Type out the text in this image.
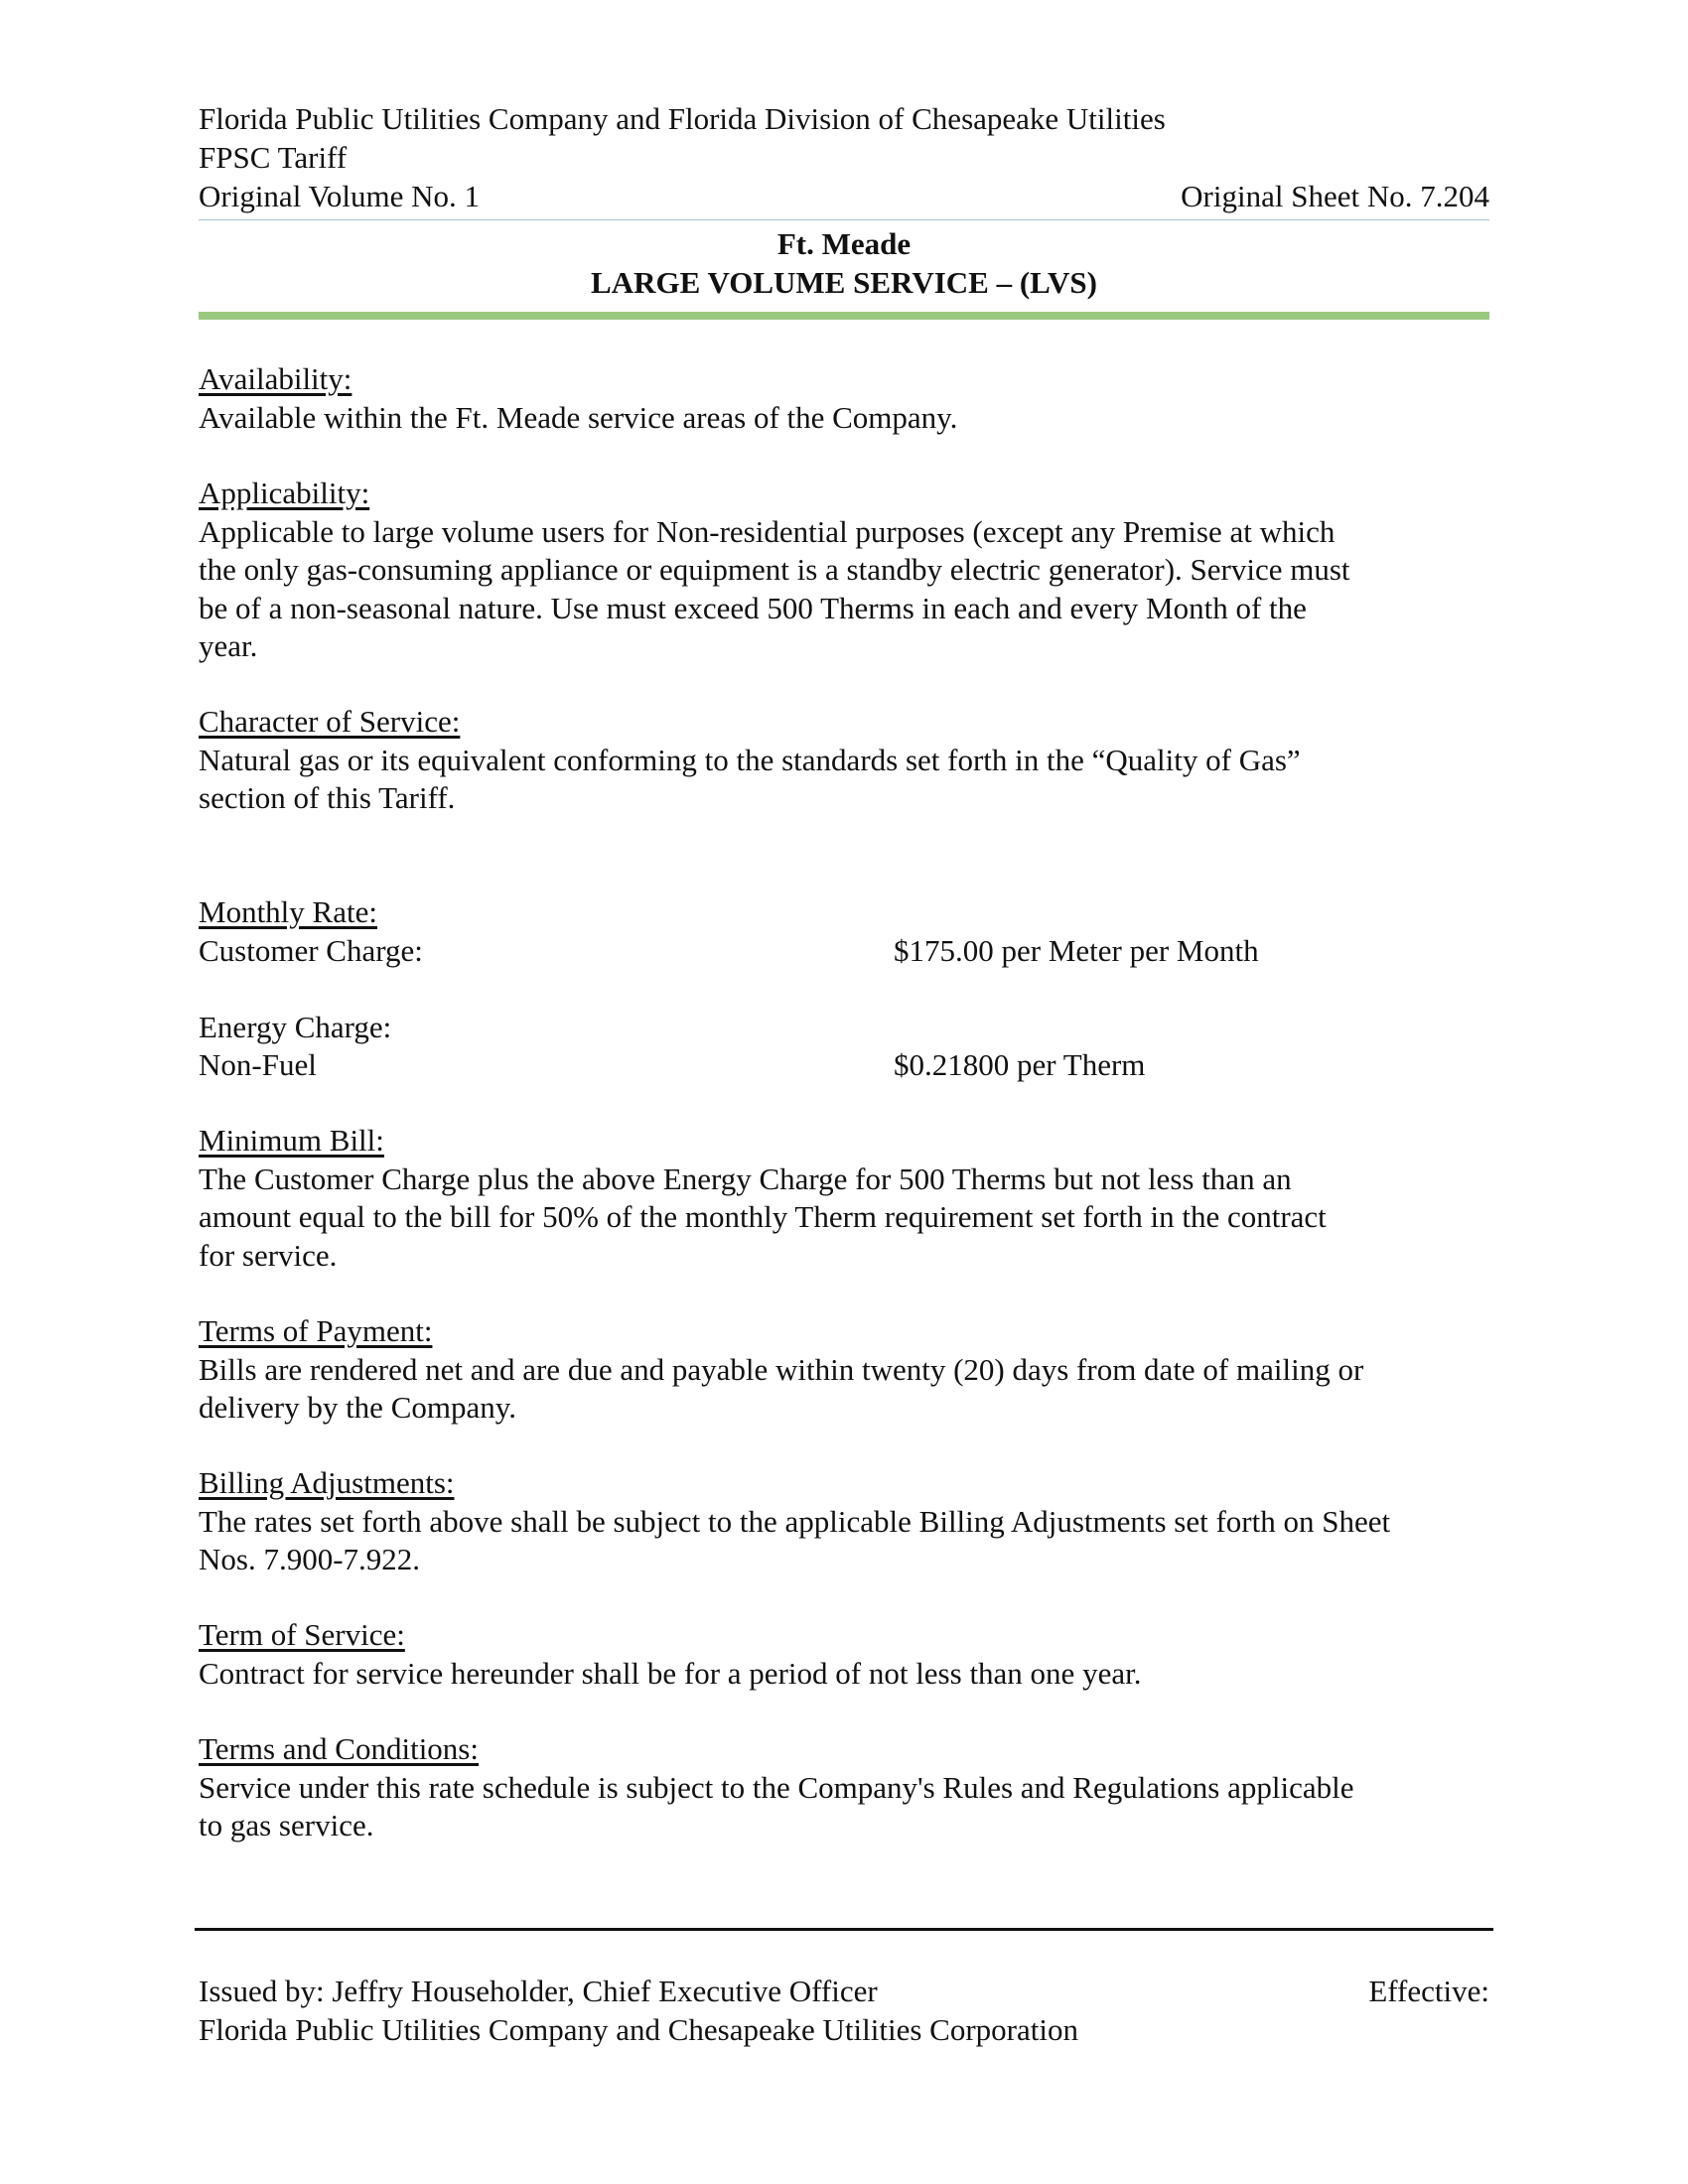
Florida Public Utilities Company and Florida Division of Chesapeake Utilities
FPSC Tariff
Original Volume No. 1	Original Sheet No. 7.204
Ft. Meade
LARGE VOLUME SERVICE – (LVS)
Availability:
Available within the Ft. Meade service areas of the Company.
Applicability:
Applicable to large volume users for Non-residential purposes (except any Premise at which
the only gas-consuming appliance or equipment is a standby electric generator). Service must
be of a non-seasonal nature. Use must exceed 500 Therms in each and every Month of the
year.
Character of Service:
Natural gas or its equivalent conforming to the standards set forth in the “Quality of Gas”
section of this Tariff.
Monthly Rate:
Customer Charge:	$175.00 per Meter per Month
Energy Charge:
Non-Fuel	$0.21800 per Therm
Minimum Bill:
The Customer Charge plus the above Energy Charge for 500 Therms but not less than an
amount equal to the bill for 50% of the monthly Therm requirement set forth in the contract
for service.
Terms of Payment:
Bills are rendered net and are due and payable within twenty (20) days from date of mailing or
delivery by the Company.
Billing Adjustments:
The rates set forth above shall be subject to the applicable Billing Adjustments set forth on Sheet
Nos. 7.900-7.922.
Term of Service:
Contract for service hereunder shall be for a period of not less than one year.
Terms and Conditions:
Service under this rate schedule is subject to the Company's Rules and Regulations applicable
to gas service.
Issued by: Jeffry Householder, Chief Executive Officer	Effective:
Florida Public Utilities Company and Chesapeake Utilities Corporation
